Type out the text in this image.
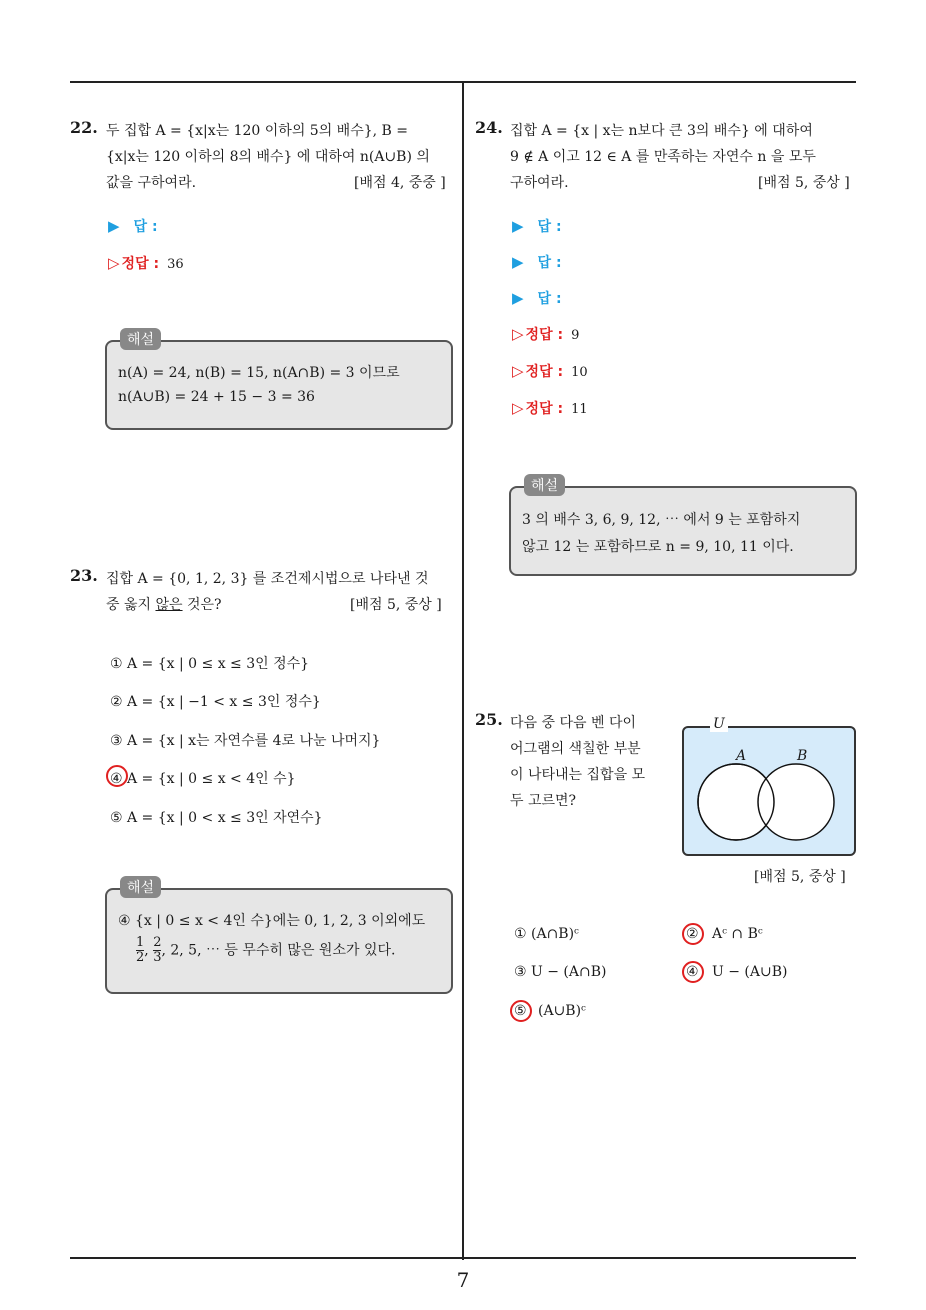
22. 두 집합 A = {x|x는 120 이하의 5의 배수}, B =
{x|x는 120 이하의 8의 배수} 에 대하여 n(A∪B) 의
값을 구하여라.	[배점 4, 중중 ]
▶ 답 :
▷ 정답 : 36
해설
n(A) = 24, n(B) = 15, n(A∩B) = 3 이므로
n(A∪B) = 24 + 15 − 3 = 36
23. 집합 A = {0, 1, 2, 3} 를 조건제시법으로 나타낸 것
중 옳지 않은 것은?	[배점 5, 중상 ]
① A = {x | 0 ≤ x ≤ 3인 정수}
② A = {x | −1 < x ≤ 3인 정수}
③ A = {x | x는 자연수를 4로 나눈 나머지}
④ A = {x | 0 ≤ x < 4인 수}
⑤ A = {x | 0 < x ≤ 3인 자연수}
해설
④ {x | 0 ≤ x < 4인 수}에는 0, 1, 2, 3 이외에도
$\frac{1}{2}$ , $\frac{2}{3}$ , 2, 5, ⋯ 등 무수히 많은 원소가 있다.
24. 집합 A = {x | x는 n보다 큰 3의 배수} 에 대하여
9 ∉ A 이고 12 ∈ A 를 만족하는 자연수 n 을 모두
구하여라.	[배점 5, 중상 ]
▶ 답 :
▶ 답 :
▶ 답 :
▷ 정답 : 9
▷ 정답 : 10
▷ 정답 : 11
해설
3 의 배수 3, 6, 9, 12, ⋯ 에서 9 는 포함하지
않고 12 는 포함하므로 n = 9, 10, 11 이다.
25. 다음 중 다음 벤 다이
어그램의 색칠한 부분
이 나타내는 집합을 모
두 고르면?
U
A	B
[배점 5, 중상 ]
① (A∩B)ᶜ	② Aᶜ ∩ Bᶜ
③ U − (A∩B)	④ U − (A∪B)
⑤ (A∪B)ᶜ
7
